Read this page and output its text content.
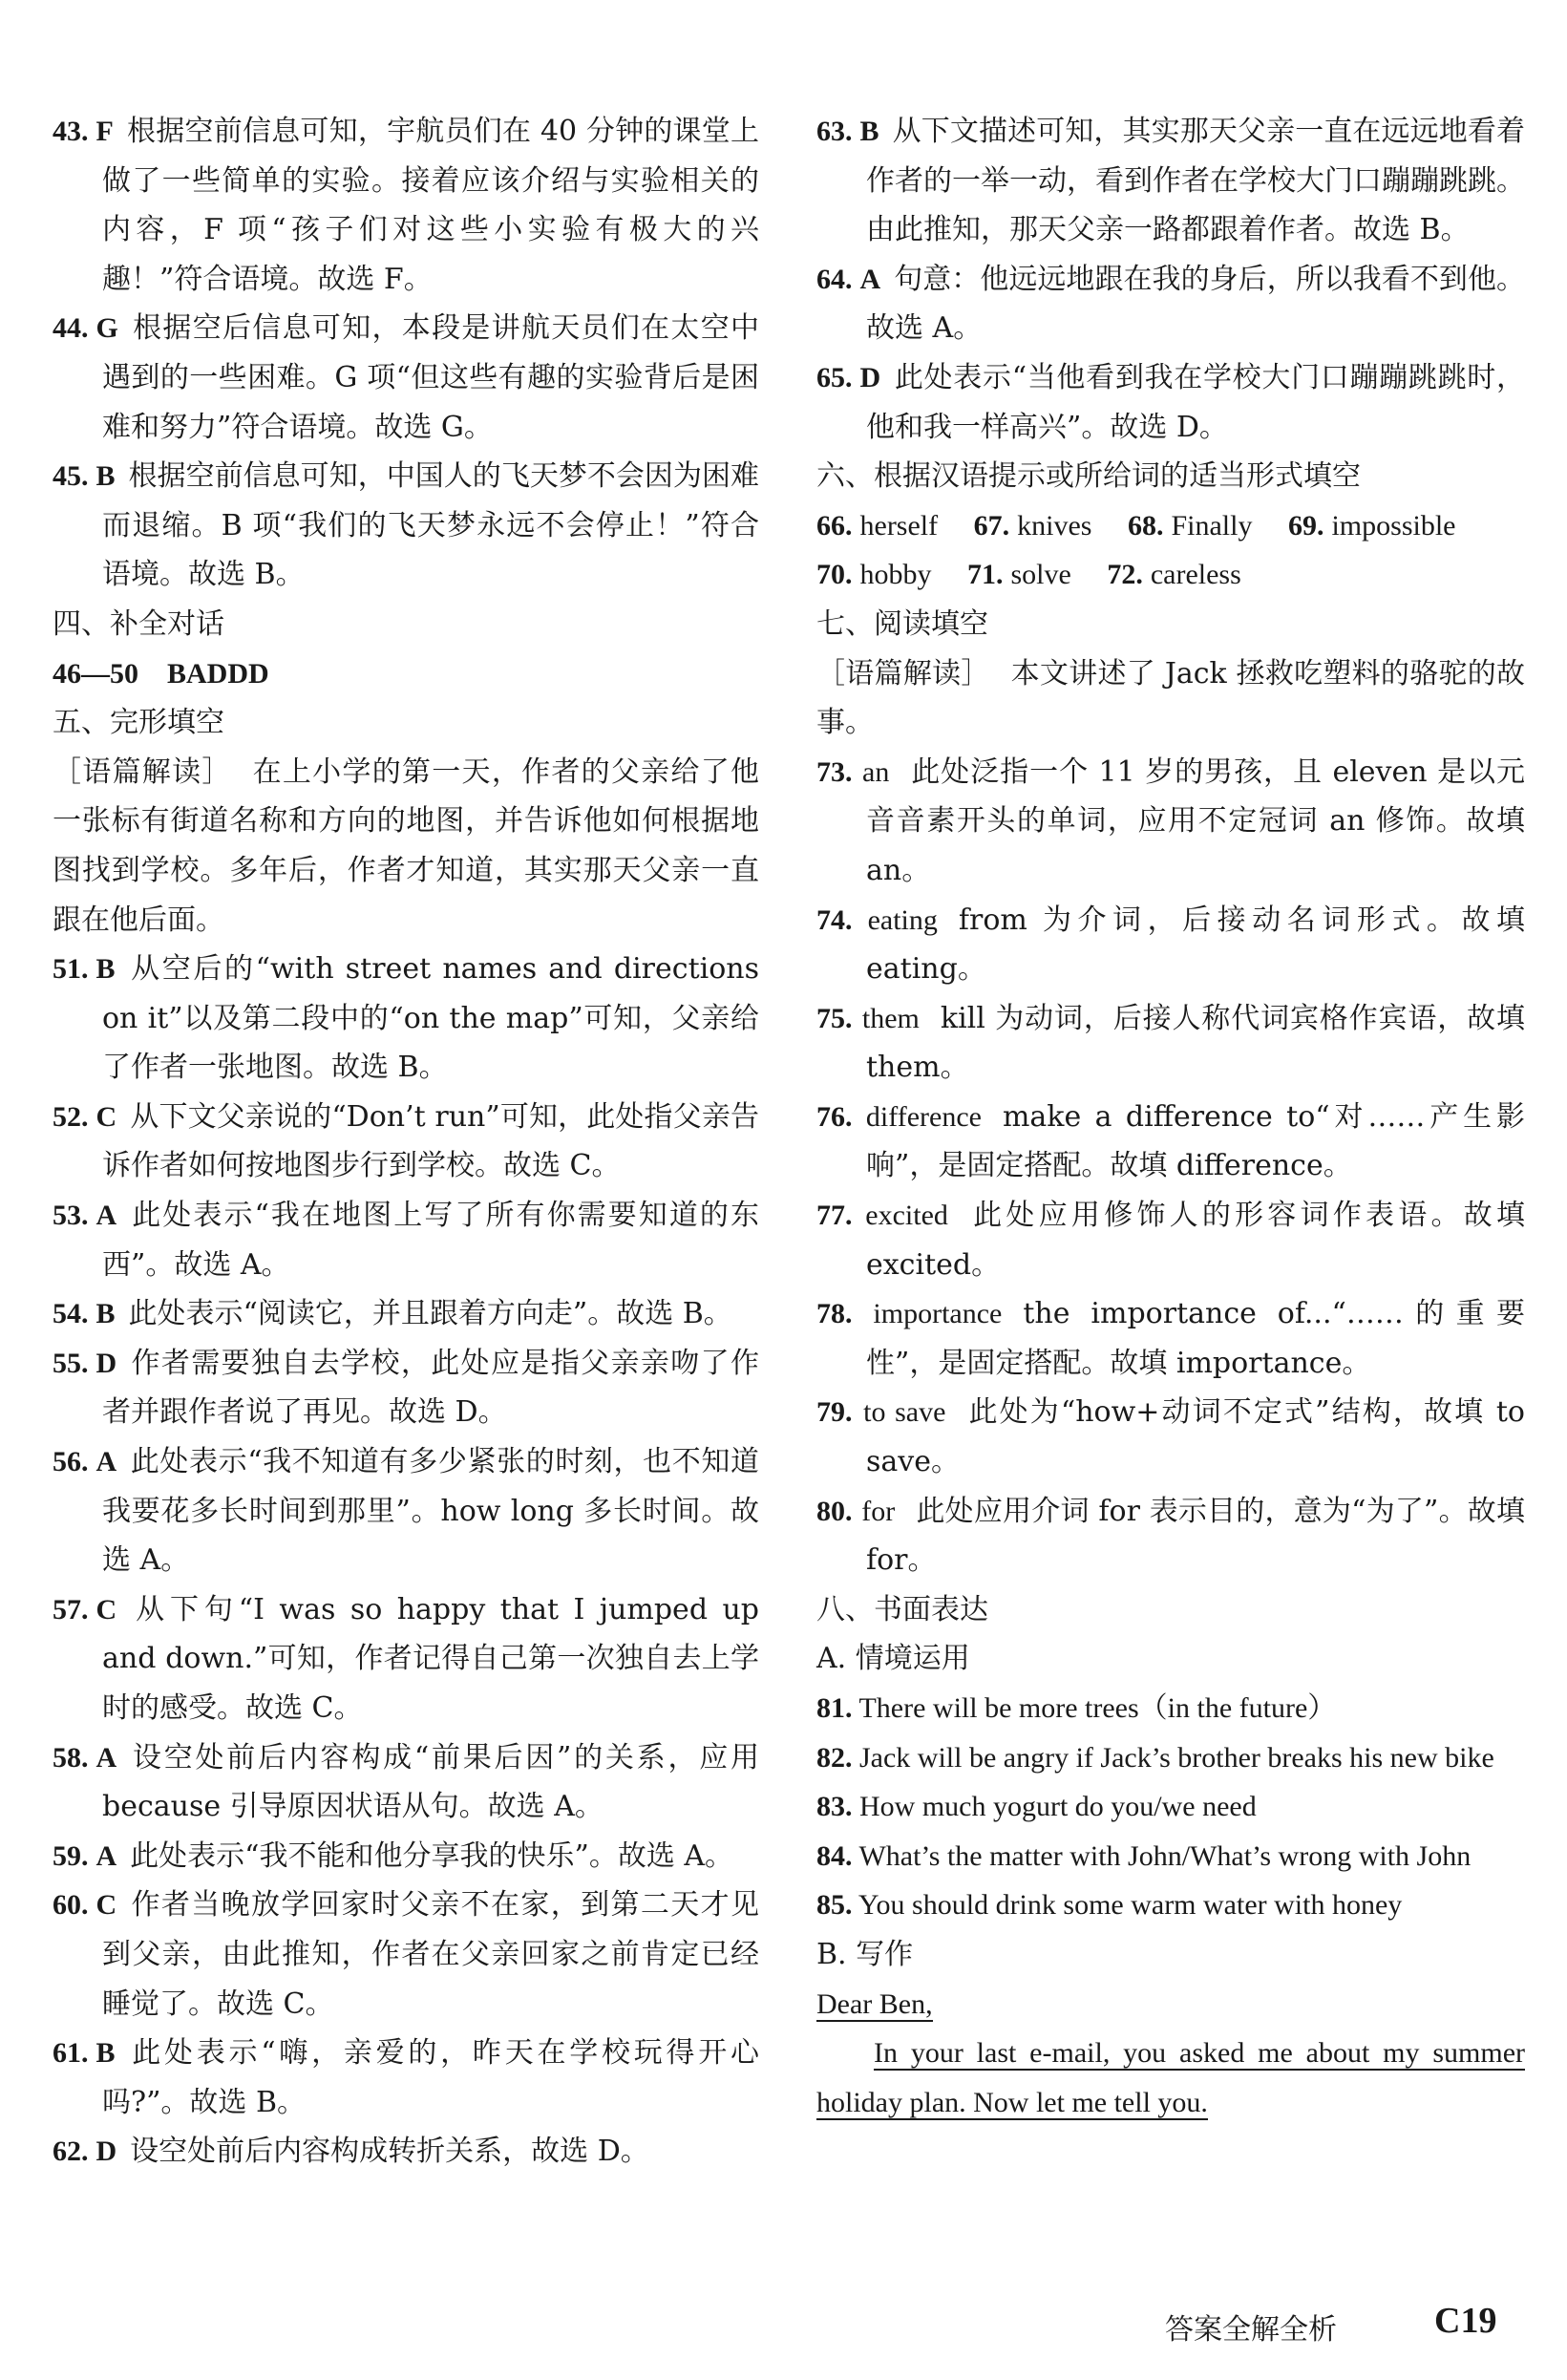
43. F 根据空前信息可知，宇航员们在 40 分钟的课堂上做了一些简单的实验。接着应该介绍与实验相关的内容，F 项“孩子们对这些小实验有极大的兴趣！”符合语境。故选 F。
44. G 根据空后信息可知，本段是讲航天员们在太空中遇到的一些困难。G 项“但这些有趣的实验背后是困难和努力”符合语境。故选 G。
45. B 根据空前信息可知，中国人的飞天梦不会因为困难而退缩。B 项“我们的飞天梦永远不会停止！”符合语境。故选 B。
四、补全对话
46—50　BADDD
五、完形填空
［语篇解读］ 在上小学的第一天，作者的父亲给了他一张标有街道名称和方向的地图，并告诉他如何根据地图找到学校。多年后，作者才知道，其实那天父亲一直跟在他后面。
51. B 从空后的“with street names and directions on it”以及第二段中的“on the map”可知，父亲给了作者一张地图。故选 B。
52. C 从下文父亲说的“Don’t run”可知，此处指父亲告诉作者如何按地图步行到学校。故选 C。
53. A 此处表示“我在地图上写了所有你需要知道的东西”。故选 A。
54. B 此处表示“阅读它，并且跟着方向走”。故选 B。
55. D 作者需要独自去学校，此处应是指父亲亲吻了作者并跟作者说了再见。故选 D。
56. A 此处表示“我不知道有多少紧张的时刻，也不知道我要花多长时间到那里”。how long 多长时间。故选 A。
57. C 从下句“I was so happy that I jumped up and down.”可知，作者记得自己第一次独自去上学时的感受。故选 C。
58. A 设空处前后内容构成“前果后因”的关系，应用 because 引导原因状语从句。故选 A。
59. A 此处表示“我不能和他分享我的快乐”。故选 A。
60. C 作者当晚放学回家时父亲不在家，到第二天才见到父亲，由此推知，作者在父亲回家之前肯定已经睡觉了。故选 C。
61. B 此处表示“嗨，亲爱的，昨天在学校玩得开心吗?”。故选 B。
62. D 设空处前后内容构成转折关系，故选 D。
63. B 从下文描述可知，其实那天父亲一直在远远地看着作者的一举一动，看到作者在学校大门口蹦蹦跳跳。由此推知，那天父亲一路都跟着作者。故选 B。
64. A 句意：他远远地跟在我的身后，所以我看不到他。故选 A。
65. D 此处表示“当他看到我在学校大门口蹦蹦跳跳时，他和我一样高兴”。故选 D。
六、根据汉语提示或所给词的适当形式填空
66. herself 67. knives 68. Finally 69. impossible
70. hobby 71. solve 72. careless
七、阅读填空
［语篇解读］ 本文讲述了 Jack 拯救吃塑料的骆驼的故事。
73. an 此处泛指一个 11 岁的男孩，且 eleven 是以元音音素开头的单词，应用不定冠词 an 修饰。故填 an。
74. eating from 为介词，后接动名词形式。故填 eating。
75. them kill 为动词，后接人称代词宾格作宾语，故填 them。
76. difference make a difference to“对……产生影响”，是固定搭配。故填 difference。
77. excited 此处应用修饰人的形容词作表语。故填 excited。
78. importance the importance of...“……的重要性”，是固定搭配。故填 importance。
79. to save 此处为“how+动词不定式”结构，故填 to save。
80. for 此处应用介词 for 表示目的，意为“为了”。故填 for。
八、书面表达
A. 情境运用
81. There will be more trees（in the future）
82. Jack will be angry if Jack’s brother breaks his new bike
83. How much yogurt do you/we need
84. What’s the matter with John/What’s wrong with John
85. You should drink some warm water with honey
B. 写作
Dear Ben,
In your last e-mail, you asked me about my summer holiday plan. Now let me tell you.
答案全解全析	C19
